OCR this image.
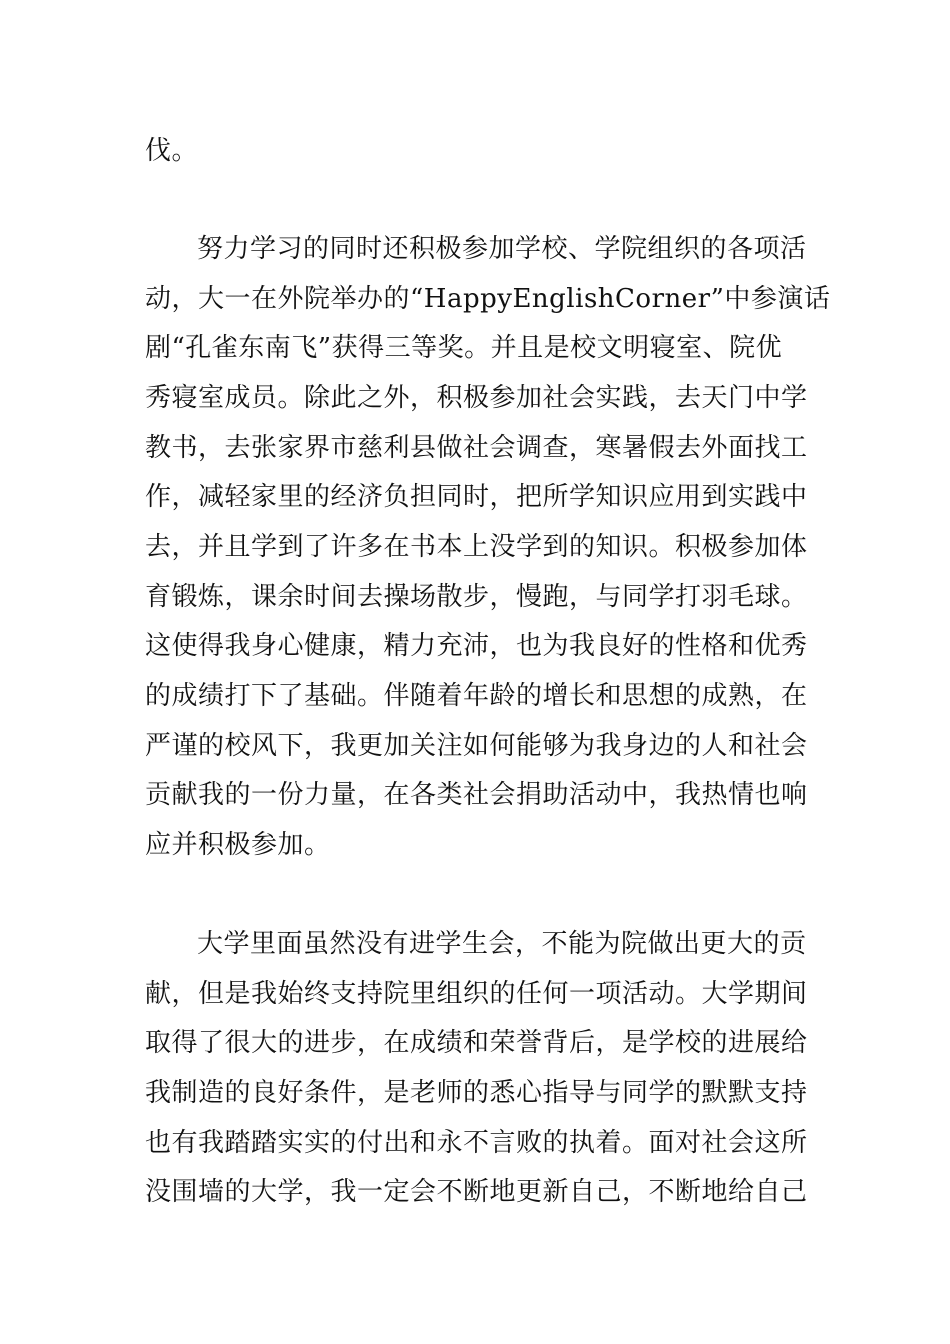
伐。
努力学习的同时还积极参加学校、学院组织的各项活
动，大一在外院举办的“HappyEnglishCorner”中参演话
剧“孔雀东南飞”获得三等奖。并且是校文明寝室、院优
秀寝室成员。除此之外，积极参加社会实践，去天门中学
教书，去张家界市慈利县做社会调查，寒暑假去外面找工
作，减轻家里的经济负担同时，把所学知识应用到实践中
去，并且学到了许多在书本上没学到的知识。积极参加体
育锻炼，课余时间去操场散步，慢跑，与同学打羽毛球。
这使得我身心健康，精力充沛，也为我良好的性格和优秀
的成绩打下了基础。伴随着年龄的增长和思想的成熟，在
严谨的校风下，我更加关注如何能够为我身边的人和社会
贡献我的一份力量，在各类社会捐助活动中，我热情也响
应并积极参加。
大学里面虽然没有进学生会，不能为院做出更大的贡
献，但是我始终支持院里组织的任何一项活动。大学期间
取得了很大的进步，在成绩和荣誉背后，是学校的进展给
我制造的良好条件，是老师的悉心指导与同学的默默支持
也有我踏踏实实的付出和永不言败的执着。面对社会这所
没围墙的大学，我一定会不断地更新自己，不断地给自己
